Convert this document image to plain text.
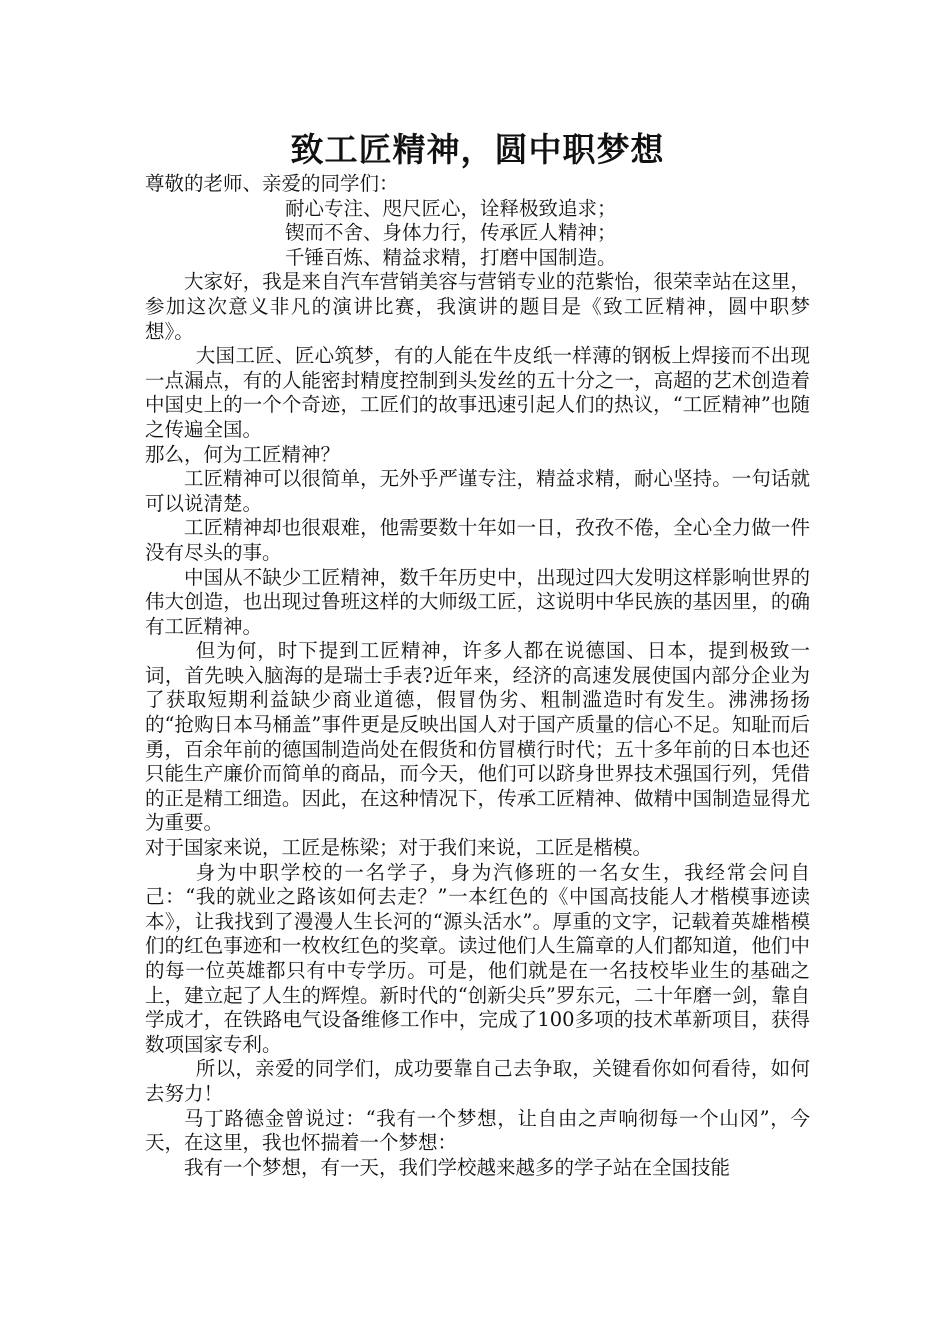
致工匠精神，圆中职梦想

尊敬的老师、亲爱的同学们：

耐心专注、咫尺匠心，诠释极致追求；

锲而不舍、身体力行，传承匠人精神；

千锤百炼、精益求精，打磨中国制造。

大家好，我是来自汽车营销美容与营销专业的范紫怡，很荣幸站在这里，参加这次意义非凡的演讲比赛，我演讲的题目是《致工匠精神，圆中职梦想》。

大国工匠、匠心筑梦，有的人能在牛皮纸一样薄的钢板上焊接而不出现一点漏点，有的人能密封精度控制到头发丝的五十分之一，高超的艺术创造着中国史上的一个个奇迹，工匠们的故事迅速引起人们的热议，“工匠精神”也随之传遍全国。

那么，何为工匠精神？

工匠精神可以很简单，无外乎严谨专注，精益求精，耐心坚持。一句话就可以说清楚。

工匠精神却也很艰难，他需要数十年如一日，孜孜不倦，全心全力做一件没有尽头的事。

中国从不缺少工匠精神，数千年历史中，出现过四大发明这样影响世界的伟大创造，也出现过鲁班这样的大师级工匠，这说明中华民族的基因里，的确有工匠精神。

但为何，时下提到工匠精神，许多人都在说德国、日本，提到极致一词，首先映入脑海的是瑞士手表?近年来，经济的高速发展使国内部分企业为了获取短期利益缺少商业道德，假冒伪劣、粗制滥造时有发生。沸沸扬扬的“抢购日本马桶盖”事件更是反映出国人对于国产质量的信心不足。知耻而后勇，百余年前的德国制造尚处在假货和仿冒横行时代；五十多年前的日本也还只能生产廉价而简单的商品，而今天，他们可以跻身世界技术强国行列，凭借的正是精工细造。因此，在这种情况下，传承工匠精神、做精中国制造显得尤为重要。

对于国家来说，工匠是栋梁；对于我们来说，工匠是楷模。

身为中职学校的一名学子，身为汽修班的一名女生，我经常会问自己：“我的就业之路该如何去走？”一本红色的《中国高技能人才楷模事迹读本》，让我找到了漫漫人生长河的“源头活水”。厚重的文字，记载着英雄楷模们的红色事迹和一枚枚红色的奖章。读过他们人生篇章的人们都知道，他们中的每一位英雄都只有中专学历。可是，他们就是在一名技校毕业生的基础之上，建立起了人生的辉煌。新时代的“创新尖兵”罗东元，二十年磨一剑，靠自学成才，在铁路电气设备维修工作中，完成了100多项的技术革新项目，获得数项国家专利。

所以，亲爱的同学们，成功要靠自己去争取，关键看你如何看待，如何去努力！

马丁路德金曾说过：“我有一个梦想，让自由之声响彻每一个山冈”，今天，在这里，我也怀揣着一个梦想：

我有一个梦想，有一天，我们学校越来越多的学子站在全国技能
